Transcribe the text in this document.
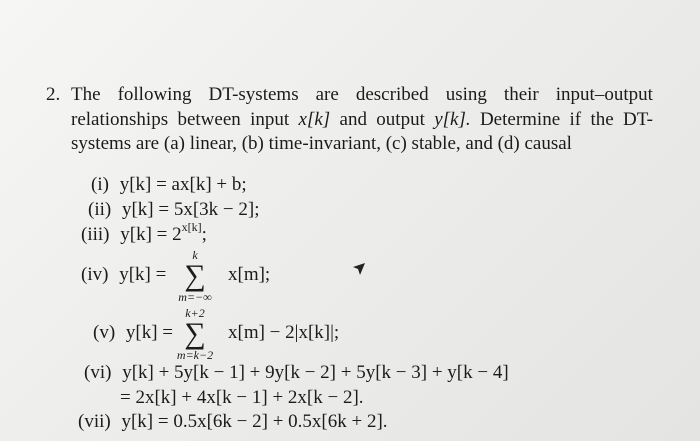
2. The following DT-systems are described using their input–output
relationships between input x[k] and output y[k]. Determine if the DT-
systems are (a) linear, (b) time-invariant, (c) stable, and (d) causal
(i) y[k] = ax[k] + b;
(ii) y[k] = 5x[3k − 2];
(iii) $y[k] = 2^{x[k]}$;
(iv) y[k] =
k
∑
m=−∞
x[m];
(v) y[k] =
k+2
∑
m=k−2
x[m] − 2|x[k]|;
(vi) y[k] + 5y[k − 1] + 9y[k − 2] + 5y[k − 3] + y[k − 4]
= 2x[k] + 4x[k − 1] + 2x[k − 2].
(vii) y[k] = 0.5x[6k − 2] + 0.5x[6k + 2].
